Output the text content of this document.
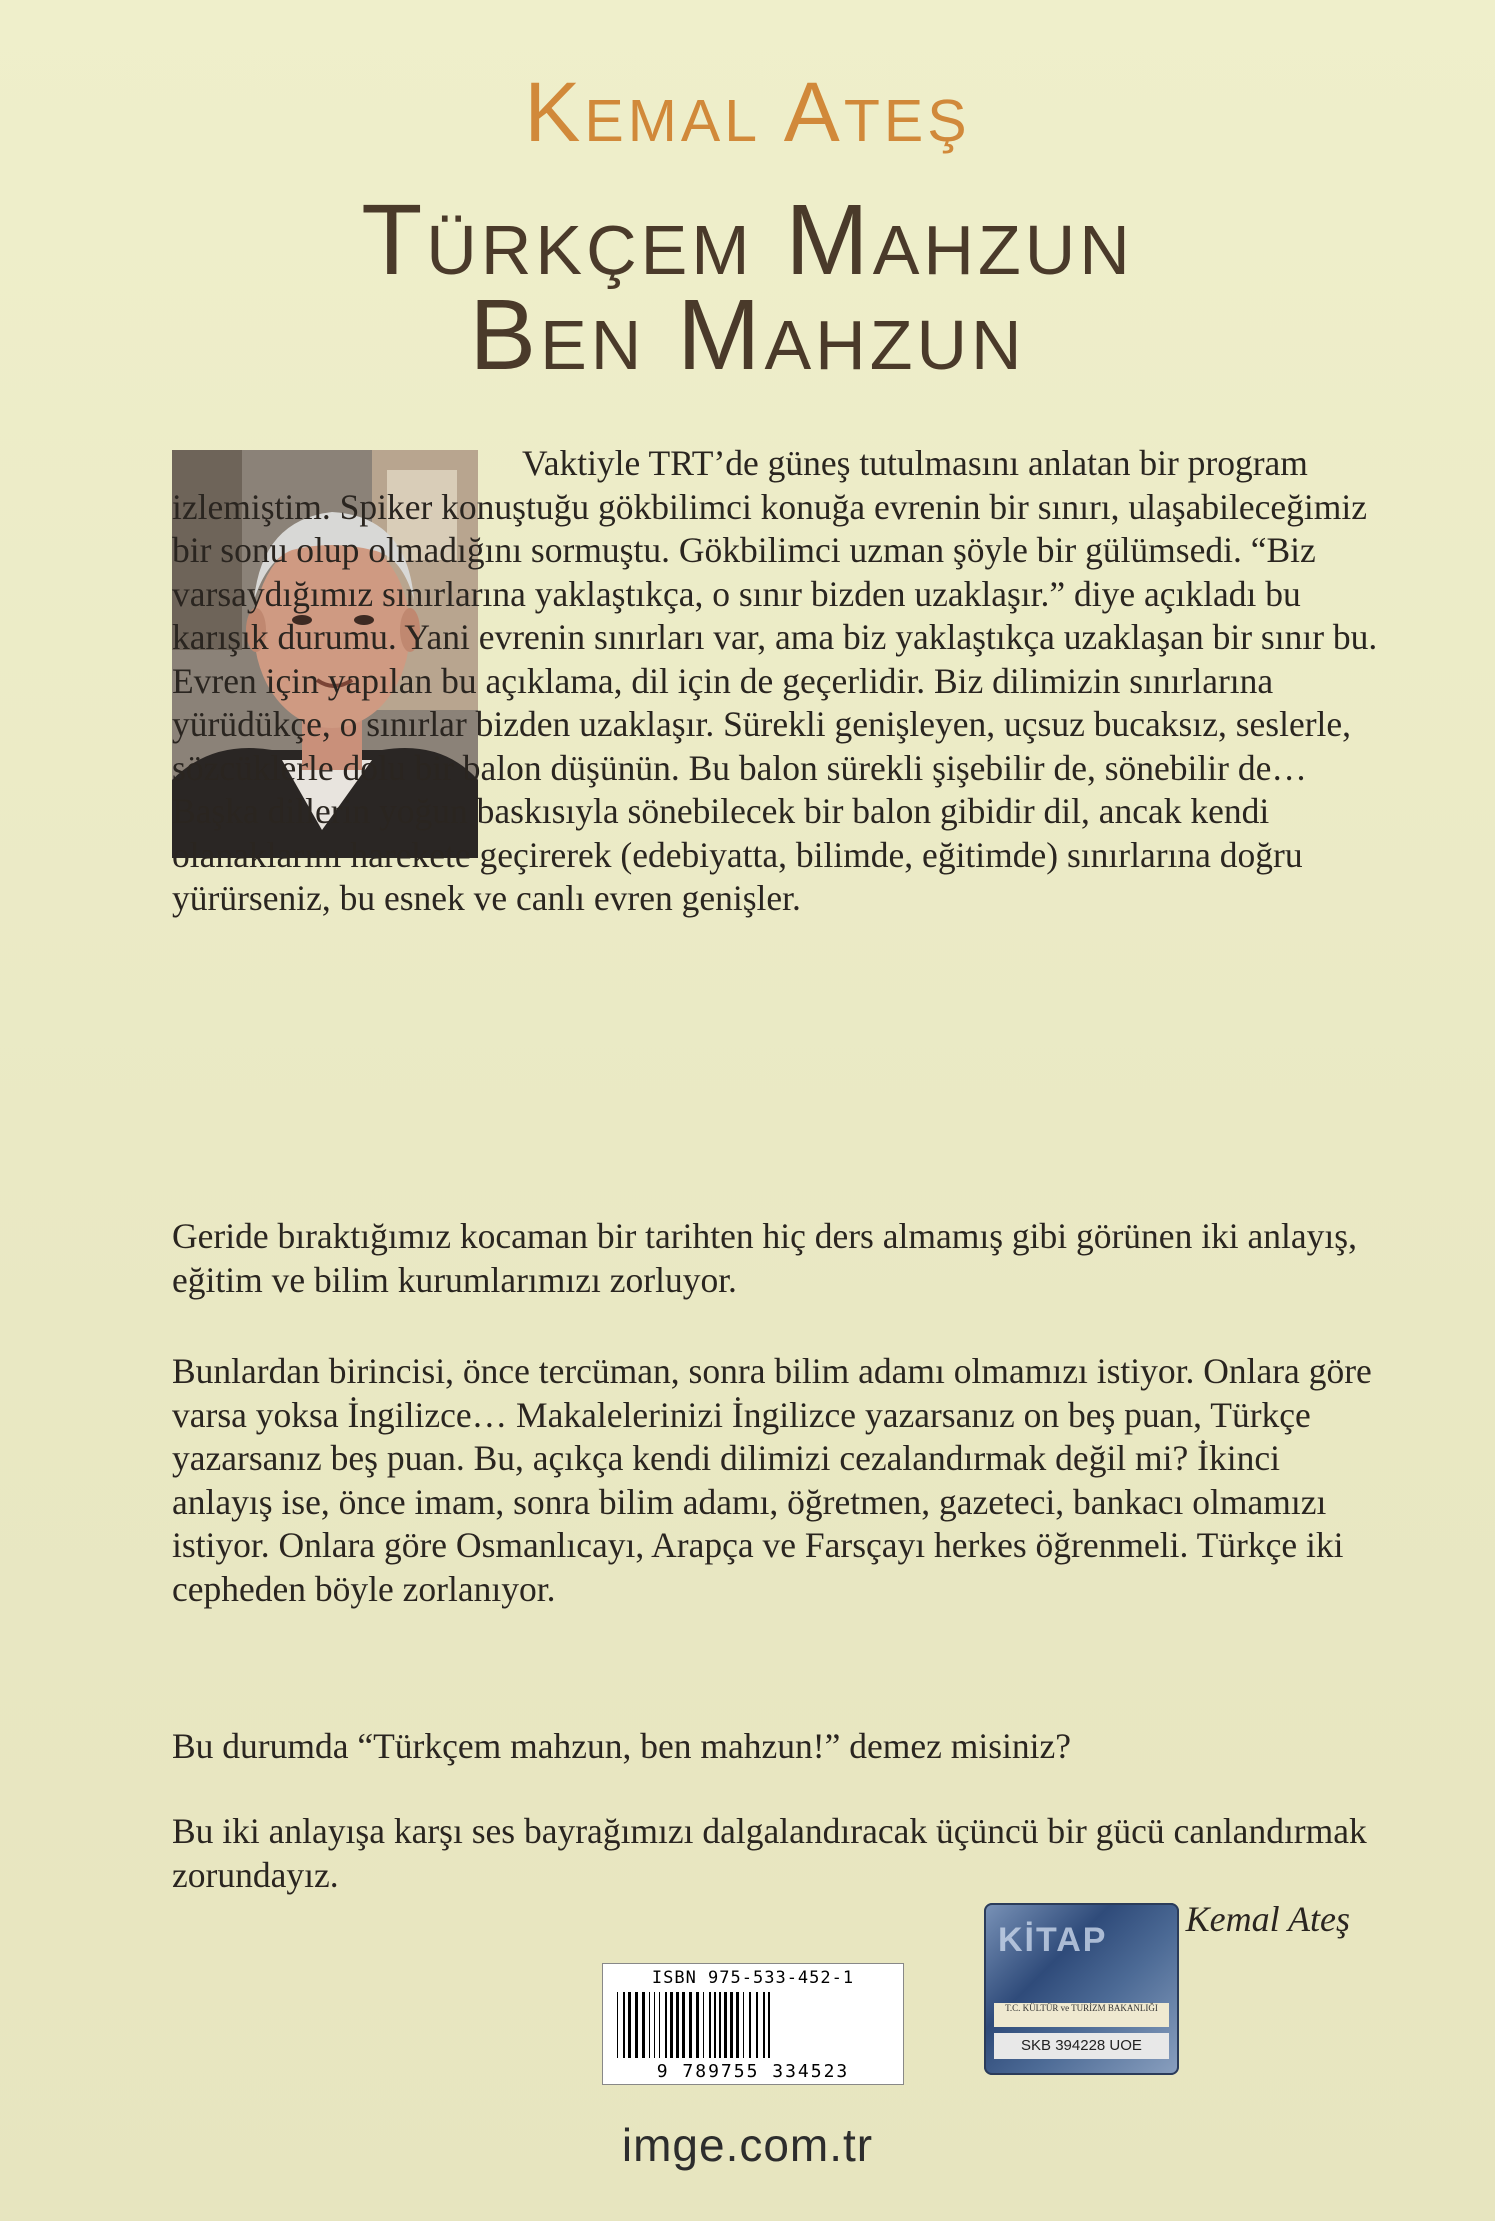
Kemal Ateş
Türkçem Mahzun
Ben Mahzun

Vaktiyle TRT’de güneş tutulmasını anlatan bir program izlemiştim. Spiker konuştuğu gökbilimci konuğa evrenin bir sınırı, ulaşabileceğimiz bir sonu olup olmadığını sormuştu. Gökbilimci uzman şöyle bir gülümsedi. “Biz varsaydığımız sınırlarına yaklaştıkça, o sınır bizden uzaklaşır.” diye açıkladı bu karışık durumu. Yani evrenin sınırları var, ama biz yaklaştıkça uzaklaşan bir sınır bu. Evren için yapılan bu açıklama, dil için de geçerlidir. Biz dilimizin sınırlarına yürüdükçe, o sınırlar bizden uzaklaşır. Sürekli genişleyen, uçsuz bucaksız, seslerle, sözcüklerle dolu bir balon düşünün. Bu balon sürekli şişebilir de, sönebilir de… Başka dillerin yoğun baskısıyla sönebilecek bir balon gibidir dil, ancak kendi olanaklarını harekete geçirerek (edebiyatta, bilimde, eğitimde) sınırlarına doğru yürürseniz, bu esnek ve canlı evren genişler.

Geride bıraktığımız kocaman bir tarihten hiç ders almamış gibi görünen iki anlayış, eğitim ve bilim kurumlarımızı zorluyor.

Bunlardan birincisi, önce tercüman, sonra bilim adamı olmamızı istiyor. Onlara göre varsa yoksa İngilizce… Makalelerinizi İngilizce yazarsanız on beş puan, Türkçe yazarsanız beş puan. Bu, açıkça kendi dilimizi cezalandırmak değil mi? İkinci anlayış ise, önce imam, sonra bilim adamı, öğretmen, gazeteci, bankacı olmamızı istiyor. Onlara göre Osmanlıcayı, Arapça ve Farsçayı herkes öğrenmeli. Türkçe iki cepheden böyle zorlanıyor.

Bu durumda “Türkçem mahzun, ben mahzun!” demez misiniz?

Bu iki anlayışa karşı ses bayrağımızı dalgalandıracak üçüncü bir gücü canlandırmak zorundayız.

Kemal Ateş
ISBN 975-533-452-1
9 789755 334523
KİTAP
T.C. KÜLTÜR ve TURİZM BAKANLIĞI
SKB 394228 UOE
imge.com.tr
